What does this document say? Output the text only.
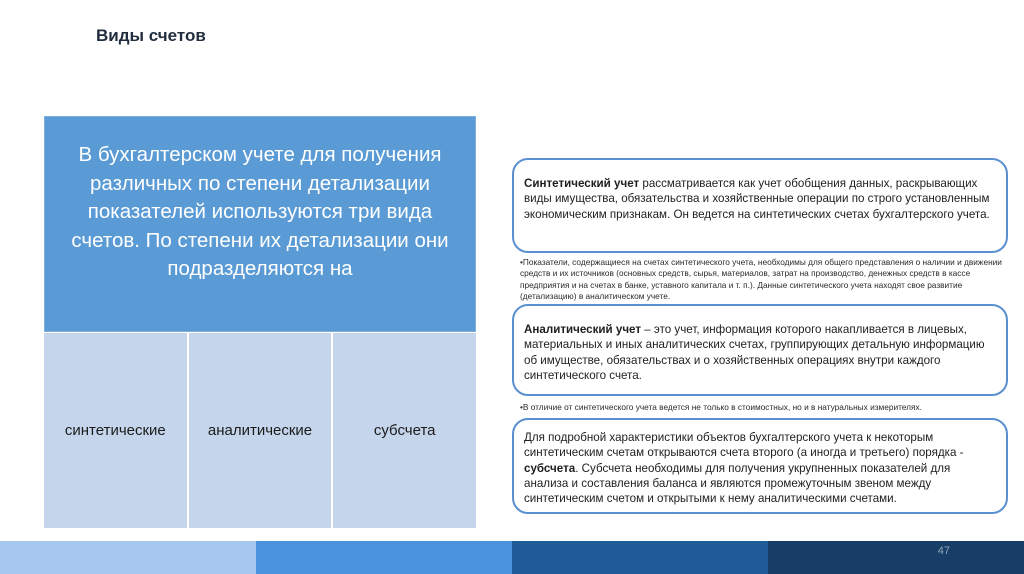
Виды счетов
В бухгалтерском учете для получения различных по степени детализации показателей используются три вида счетов. По степени их детализации они подразделяются на
синтетические	аналитические	субсчета
Синтетический учет рассматривается как учет обобщения данных, раскрывающих виды имущества, обязательства и хозяйственные операции по строго установленным экономическим признакам. Он ведется на синтетических счетах бухгалтерского учета.
•Показатели, содержащиеся на счетах синтетического учета, необходимы для общего представления о наличии и движении средств и их источников (основных средств, сырья, материалов, затрат на производство, денежных средств в кассе предприятия и на счетах в банке, уставного капитала и т. п.). Данные синтетического учета находят свое развитие (детализацию) в аналитическом учете.
Аналитический учет – это учет, информация которого накапливается в лицевых, материальных и иных аналитических счетах, группирующих детальную информацию об имуществе, обязательствах и о хозяйственных операциях внутри каждого синтетического счета.
•В отличие от синтетического учета ведется не только в стоимостных, но и в натуральных измерителях.
Для подробной характеристики объектов бухгалтерского учета к некоторым синтетическим счетам открываются счета второго (а иногда и третьего) порядка - субсчета. Субсчета необходимы для получения укрупненных показателей для анализа и составления баланса и являются промежуточным звеном между синтетическим счетом и открытыми к нему аналитическими счетами.
47
